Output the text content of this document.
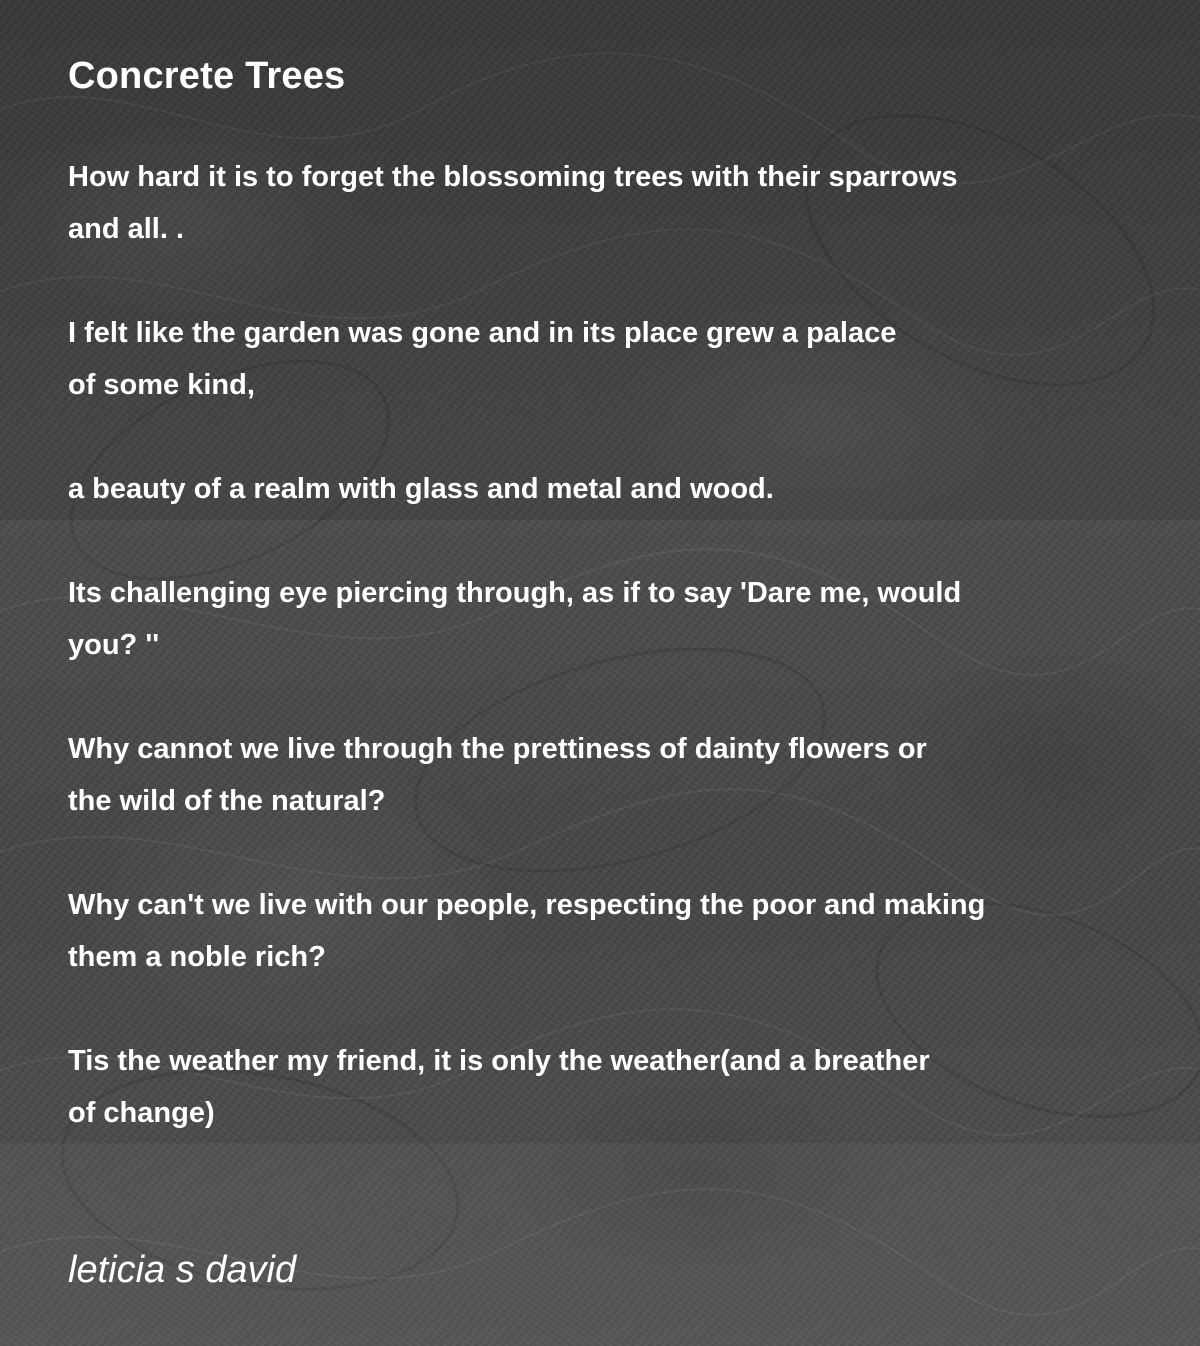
Concrete Trees

How hard it is to forget the blossoming trees with their sparrows
and all. .

I felt like the garden was gone and in its place grew a palace
of some kind,

a beauty of a realm with glass and metal and wood.

Its challenging eye piercing through, as if to say 'Dare me, would
you? ''

Why cannot we live through the prettiness of dainty flowers or
the wild of the natural?

Why can't we live with our people, respecting the poor and making
them a noble rich?

Tis the weather my friend, it is only the weather(and a breather
of change)

leticia s david
